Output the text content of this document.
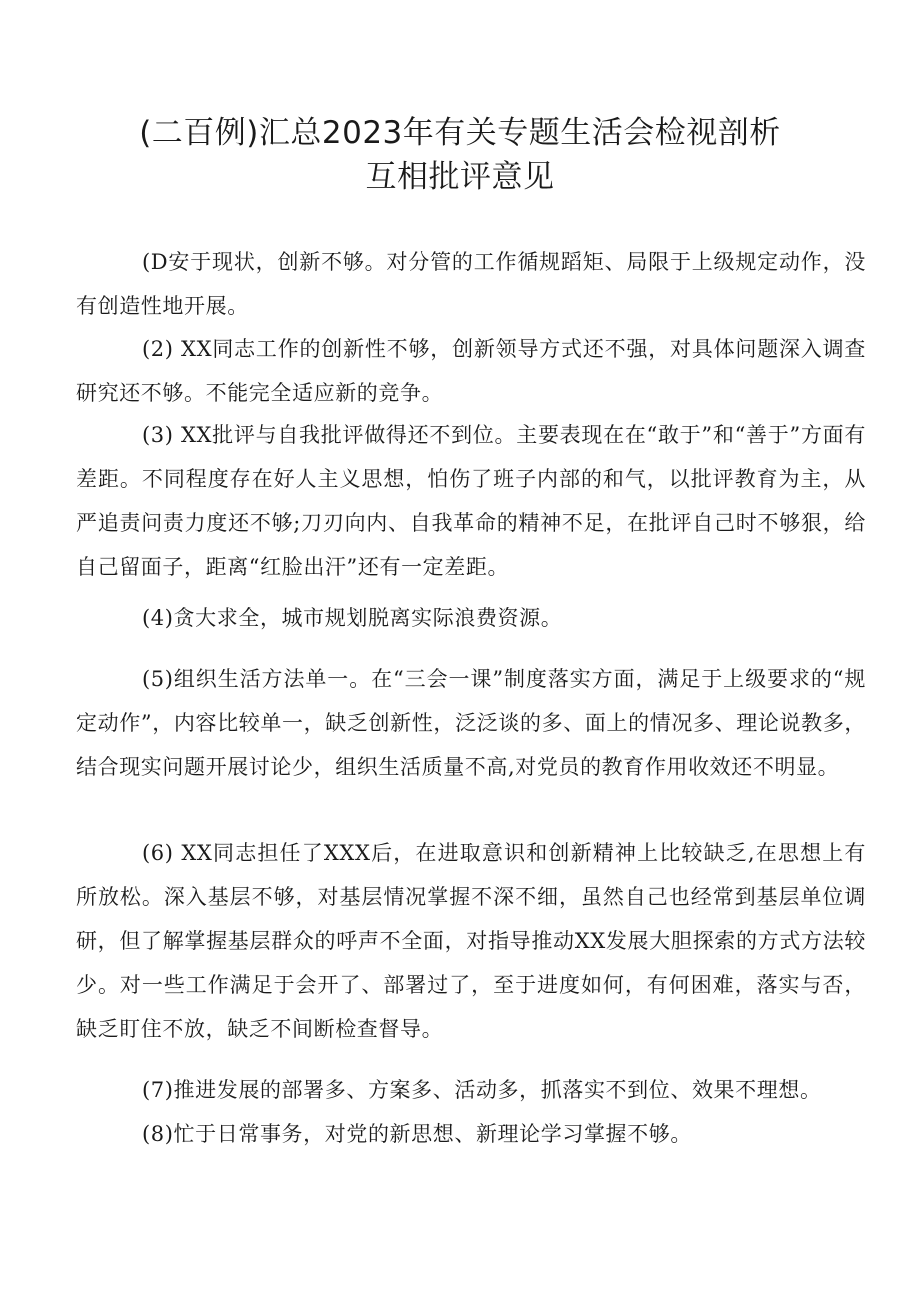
(二百例)汇总2023年有关专题生活会检视剖析
互相批评意见

(D安于现状，创新不够。对分管的工作循规蹈矩、局限于上级规定动作，没有创造性地开展。

(2) XX同志工作的创新性不够，创新领导方式还不强，对具体问题深入调查研究还不够。不能完全适应新的竞争。

(3) XX批评与自我批评做得还不到位。主要表现在在“敢于”和“善于”方面有差距。不同程度存在好人主义思想，怕伤了班子内部的和气，以批评教育为主，从严追责问责力度还不够;刀刃向内、自我革命的精神不足，在批评自己时不够狠，给自己留面子，距离“红脸出汗”还有一定差距。

(4)贪大求全，城市规划脱离实际浪费资源。

(5)组织生活方法单一。在“三会一课”制度落实方面，满足于上级要求的“规定动作”，内容比较单一，缺乏创新性，泛泛谈的多、面上的情况多、理论说教多，结合现实问题开展讨论少，组织生活质量不高,对党员的教育作用收效还不明显。

(6) XX同志担任了XXX后，在进取意识和创新精神上比较缺乏,在思想上有所放松。深入基层不够，对基层情况掌握不深不细，虽然自己也经常到基层单位调研，但了解掌握基层群众的呼声不全面，对指导推动XX发展大胆探索的方式方法较少。对一些工作满足于会开了、部署过了，至于进度如何，有何困难，落实与否，缺乏盯住不放，缺乏不间断检查督导。

(7)推进发展的部署多、方案多、活动多，抓落实不到位、效果不理想。

(8)忙于日常事务，对党的新思想、新理论学习掌握不够。
